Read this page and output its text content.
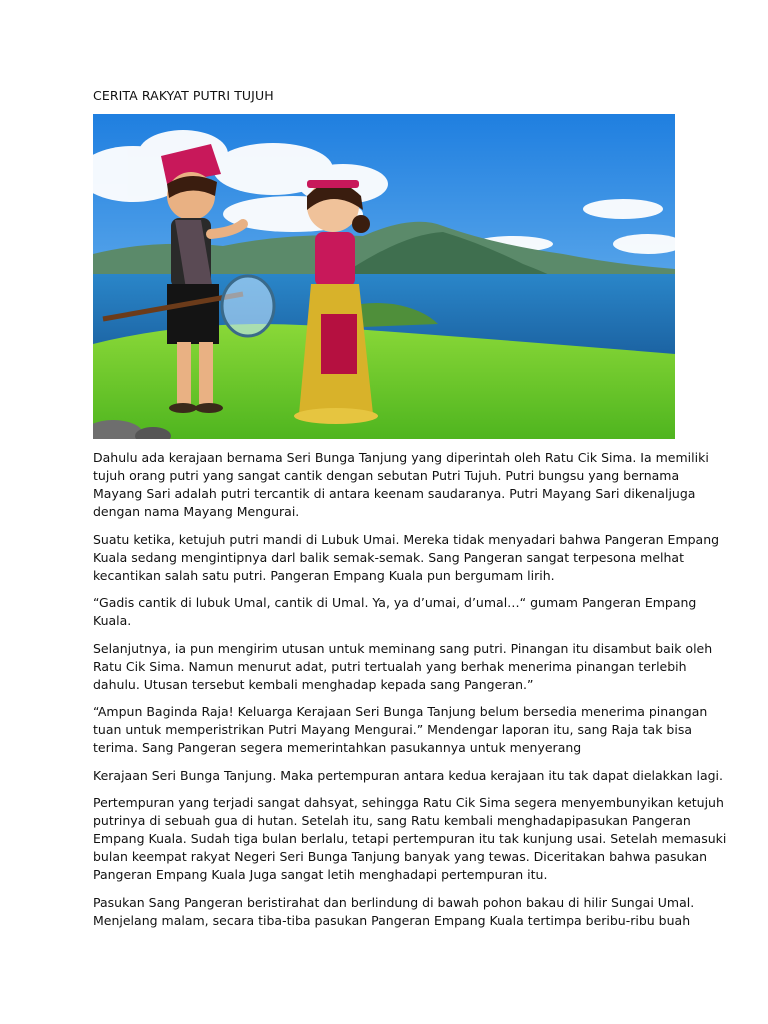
CERITA RAKYAT PUTRI TUJUH

Dahulu ada kerajaan bernama Seri Bunga Tanjung yang diperintah oleh Ratu Cik Sima. Ia memiliki
tujuh orang putri yang sangat cantik dengan sebutan Putri Tujuh. Putri bungsu yang bernama
Mayang Sari adalah putri tercantik di antara keenam saudaranya. Putri Mayang Sari dikenaljuga
dengan nama Mayang Mengurai.

Suatu ketika, ketujuh putri mandi di Lubuk Umai. Mereka tidak menyadari bahwa Pangeran Empang
Kuala sedang mengintipnya darl balik semak-semak. Sang Pangeran sangat terpesona melhat
kecantikan salah satu putri. Pangeran Empang Kuala pun bergumam lirih.

“Gadis cantik di lubuk Umal, cantik di Umal. Ya, ya d’umai, d’umal…“ gumam Pangeran Empang
Kuala.

Selanjutnya, ia pun mengirim utusan untuk meminang sang putri. Pinangan itu disambut baik oleh
Ratu Cik Sima. Namun menurut adat, putri tertualah yang berhak menerima pinangan terlebih
dahulu. Utusan tersebut kembali menghadap kepada sang Pangeran.”

“Ampun Baginda Raja! Keluarga Kerajaan Seri Bunga Tanjung belum bersedia menerima pinangan
tuan untuk memperistrikan Putri Mayang Mengurai.” Mendengar laporan itu, sang Raja tak bisa
terima. Sang Pangeran segera memerintahkan pasukannya untuk menyerang

Kerajaan Seri Bunga Tanjung. Maka pertempuran antara kedua kerajaan itu tak dapat dielakkan lagi.

Pertempuran yang terjadi sangat dahsyat, sehingga Ratu Cik Sima segera menyembunyikan ketujuh
putrinya di sebuah gua di hutan. Setelah itu, sang Ratu kembali menghadapipasukan Pangeran
Empang Kuala. Sudah tiga bulan berlalu, tetapi pertempuran itu tak kunjung usai. Setelah memasuki
bulan keempat rakyat Negeri Seri Bunga Tanjung banyak yang tewas. Diceritakan bahwa pasukan
Pangeran Empang Kuala Juga sangat letih menghadapi pertempuran itu.

Pasukan Sang Pangeran beristirahat dan berlindung di bawah pohon bakau di hilir Sungai Umal.
Menjelang malam, secara tiba-tiba pasukan Pangeran Empang Kuala tertimpa beribu-ribu buah
